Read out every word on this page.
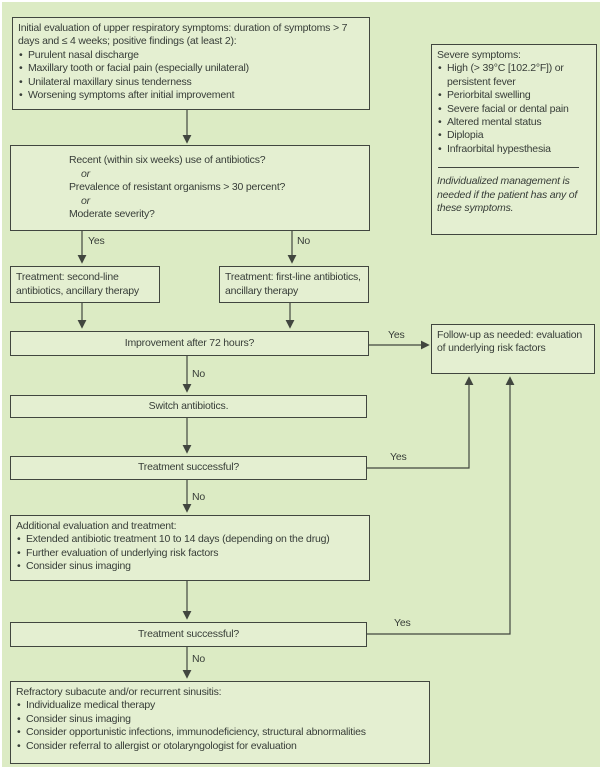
Initial evaluation of upper respiratory symptoms: duration of symptoms > 7 days and ≤ 4 weeks; positive findings (at least 2):
• Purulent nasal discharge
• Maxillary tooth or facial pain (especially unilateral)
• Unilateral maxillary sinus tenderness
• Worsening symptoms after initial improvement
Severe symptoms:
• High (> 39°C [102.2°F]) or persistent fever
• Periorbital swelling
• Severe facial or dental pain
• Altered mental status
• Diplopia
• Infraorbital hypesthesia
Individualized management is needed if the patient has any of these symptoms.
Recent (within six weeks) use of antibiotics?
or
Prevalence of resistant organisms > 30 percent?
or
Moderate severity?
Yes	No
Treatment: second-line antibiotics, ancillary therapy
Treatment: first-line antibiotics, ancillary therapy
Improvement after 72 hours?
Yes
No
Follow-up as needed: evaluation of underlying risk factors
Switch antibiotics.
Treatment successful?
Yes
No
Additional evaluation and treatment:
• Extended antibiotic treatment 10 to 14 days (depending on the drug)
• Further evaluation of underlying risk factors
• Consider sinus imaging
Treatment successful?
Yes
No
Refractory subacute and/or recurrent sinusitis:
• Individualize medical therapy
• Consider sinus imaging
• Consider opportunistic infections, immunodeficiency, structural abnormalities
• Consider referral to allergist or otolaryngologist for evaluation
